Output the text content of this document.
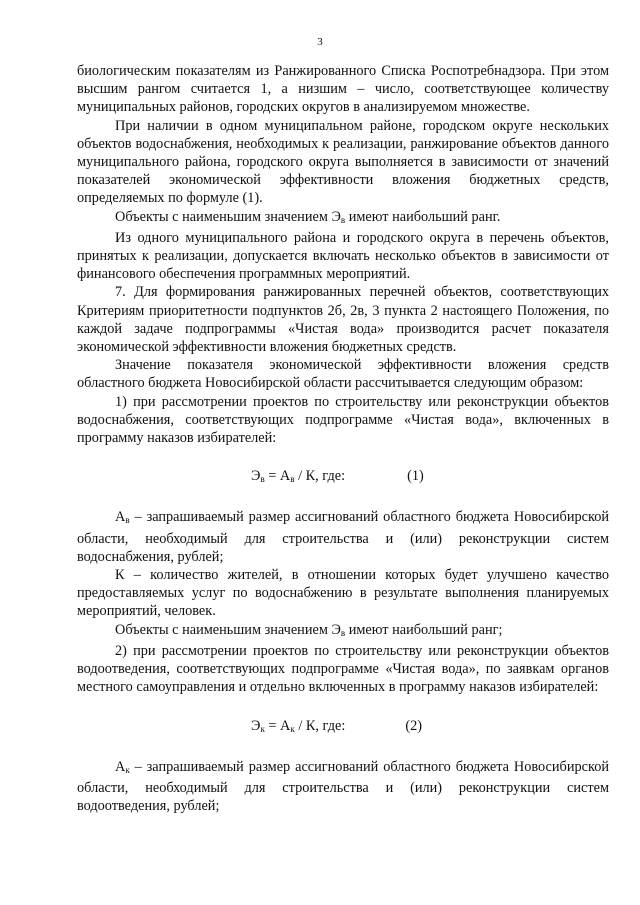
3

биологическим показателям из Ранжированного Списка Роспотребнадзора. При этом высшим рангом считается 1, а низшим – число, соответствующее количеству муниципальных районов, городских округов в анализируемом множестве.

При наличии в одном муниципальном районе, городском округе нескольких объектов водоснабжения, необходимых к реализации, ранжирование объектов данного муниципального района, городского округа выполняется в зависимости от значений показателей экономической эффективности вложения бюджетных средств, определяемых по формуле (1).

Объекты с наименьшим значением $Э_в$ имеют наибольший ранг.

Из одного муниципального района и городского округа в перечень объектов, принятых к реализации, допускается включать несколько объектов в зависимости от финансового обеспечения программных мероприятий.

7. Для формирования ранжированных перечней объектов, соответствующих Критериям приоритетности подпунктов 2б, 2в, 3 пункта 2 настоящего Положения, по каждой задаче подпрограммы «Чистая вода» производится расчет показателя экономической эффективности вложения бюджетных средств.

Значение показателя экономической эффективности вложения средств областного бюджета Новосибирской области рассчитывается следующим образом:

1) при рассмотрении проектов по строительству или реконструкции объектов водоснабжения, соответствующих подпрограмме «Чистая вода», включенных в программу наказов избирателей:

$Э_в = А_в / К$, где:	(1)

$А_в$ – запрашиваемый размер ассигнований областного бюджета Новосибирской области, необходимый для строительства и (или) реконструкции систем водоснабжения, рублей;

К – количество жителей, в отношении которых будет улучшено качество предоставляемых услуг по водоснабжению в результате выполнения планируемых мероприятий, человек.

Объекты с наименьшим значением $Э_в$ имеют наибольший ранг;

2) при рассмотрении проектов по строительству или реконструкции объектов водоотведения, соответствующих подпрограмме «Чистая вода», по заявкам органов местного самоуправления и отдельно включенных в программу наказов избирателей:

$Э_к = А_к / К$, где:	(2)

$А_к$ – запрашиваемый размер ассигнований областного бюджета Новосибирской области, необходимый для строительства и (или) реконструкции систем водоотведения, рублей;
